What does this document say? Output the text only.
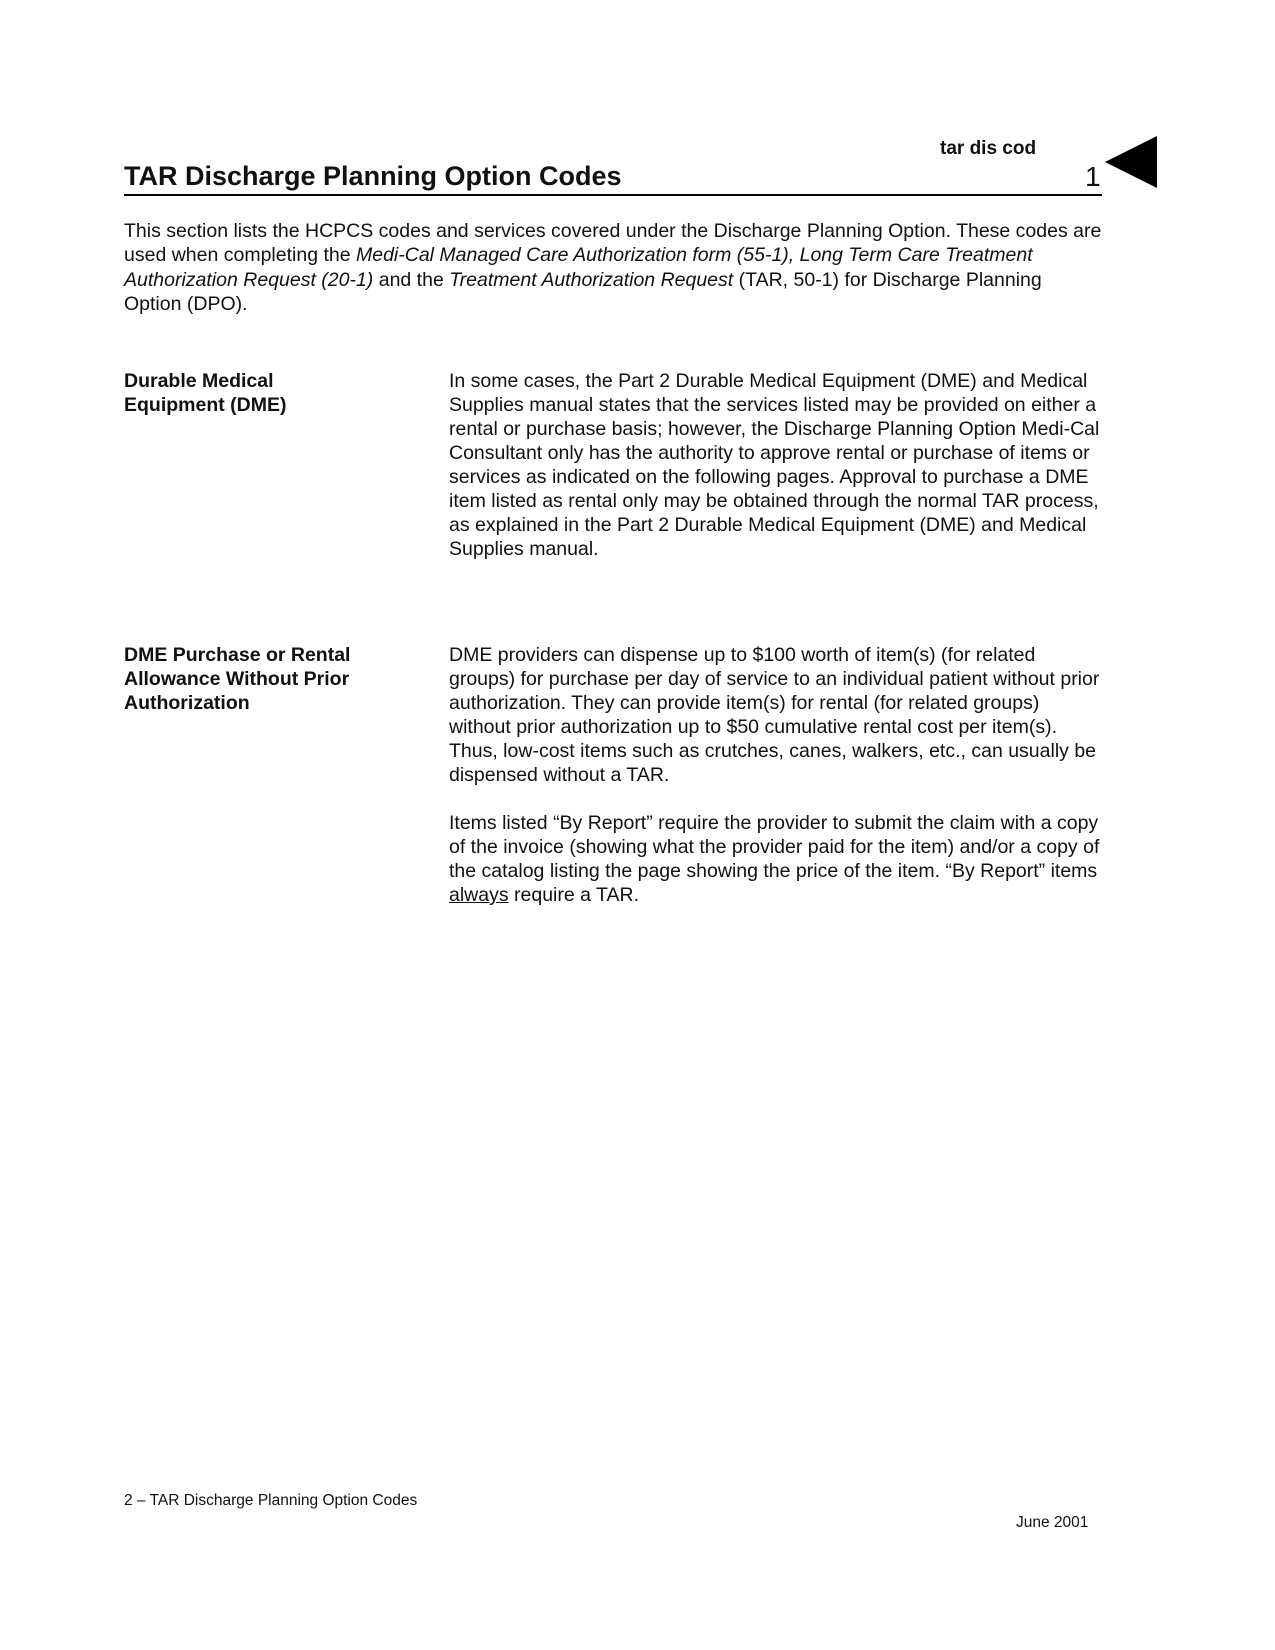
tar dis cod
TAR Discharge Planning Option Codes	1
This section lists the HCPCS codes and services covered under the Discharge Planning Option. These codes are used when completing the Medi-Cal Managed Care Authorization form (55-1), Long Term Care Treatment Authorization Request (20-1) and the Treatment Authorization Request (TAR, 50-1) for Discharge Planning Option (DPO).
Durable Medical
Equipment (DME)

In some cases, the Part 2 Durable Medical Equipment (DME) and Medical Supplies manual states that the services listed may be provided on either a rental or purchase basis; however, the Discharge Planning Option Medi-Cal Consultant only has the authority to approve rental or purchase of items or services as indicated on the following pages. Approval to purchase a DME item listed as rental only may be obtained through the normal TAR process, as explained in the Part 2 Durable Medical Equipment (DME) and Medical Supplies manual.

DME Purchase or Rental
Allowance Without Prior
Authorization

DME providers can dispense up to $100 worth of item(s) (for related groups) for purchase per day of service to an individual patient without prior authorization. They can provide item(s) for rental (for related groups) without prior authorization up to $50 cumulative rental cost per item(s). Thus, low-cost items such as crutches, canes, walkers, etc., can usually be dispensed without a TAR.

Items listed “By Report” require the provider to submit the claim with a copy of the invoice (showing what the provider paid for the item) and/or a copy of the catalog listing the page showing the price of the item. “By Report” items always require a TAR.

2 – TAR Discharge Planning Option Codes
June 2001
